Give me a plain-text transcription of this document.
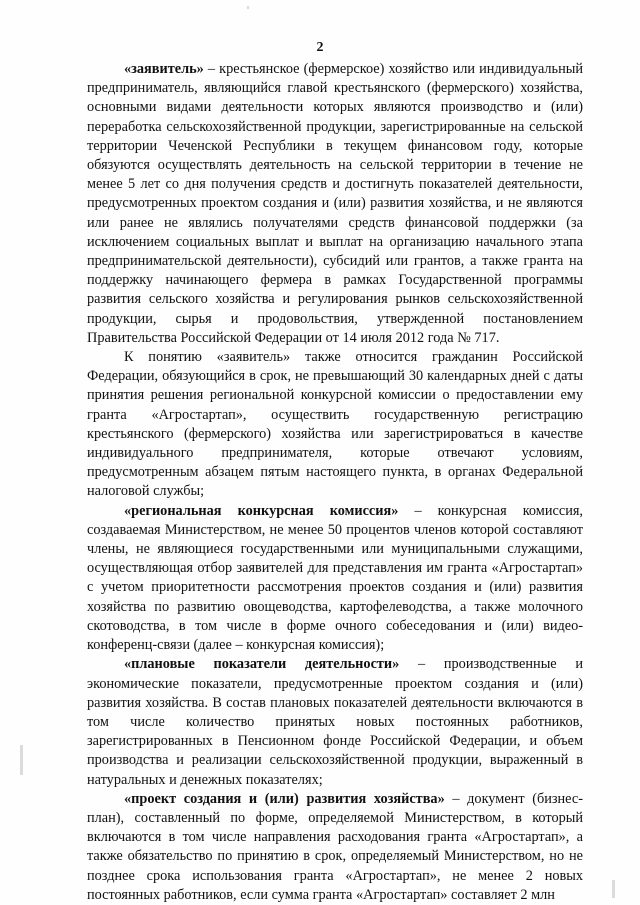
2

«заявитель» – крестьянское (фермерское) хозяйство или индивидуальный предприниматель, являющийся главой крестьянского (фермерского) хозяйства, основными видами деятельности которых являются производство и (или) переработка сельскохозяйственной продукции, зарегистрированные на сельской территории Чеченской Республики в текущем финансовом году, которые обязуются осуществлять деятельность на сельской территории в течение не менее 5 лет со дня получения средств и достигнуть показателей деятельности, предусмотренных проектом создания и (или) развития хозяйства, и не являются или ранее не являлись получателями средств финансовой поддержки (за исключением социальных выплат и выплат на организацию начального этапа предпринимательской деятельности), субсидий или грантов, а также гранта на поддержку начинающего фермера в рамках Государственной программы развития сельского хозяйства и регулирования рынков сельскохозяйственной продукции, сырья и продовольствия, утвержденной постановлением Правительства Российской Федерации от 14 июля 2012 года № 717.

К понятию «заявитель» также относится гражданин Российской Федерации, обязующийся в срок, не превышающий 30 календарных дней с даты принятия решения региональной конкурсной комиссии о предоставлении ему гранта «Агростартап», осуществить государственную регистрацию крестьянского (фермерского) хозяйства или зарегистрироваться в качестве индивидуального предпринимателя, которые отвечают условиям, предусмотренным абзацем пятым настоящего пункта, в органах Федеральной налоговой службы;

«региональная конкурсная комиссия» – конкурсная комиссия, создаваемая Министерством, не менее 50 процентов членов которой составляют члены, не являющиеся государственными или муниципальными служащими, осуществляющая отбор заявителей для представления им гранта «Агростартап» с учетом приоритетности рассмотрения проектов создания и (или) развития хозяйства по развитию овощеводства, картофелеводства, а также молочного скотоводства, в том числе в форме очного собеседования и (или) видео-конференц-связи (далее – конкурсная комиссия);

«плановые показатели деятельности» – производственные и экономические показатели, предусмотренные проектом создания и (или) развития хозяйства. В состав плановых показателей деятельности включаются в том числе количество принятых новых постоянных работников, зарегистрированных в Пенсионном фонде Российской Федерации, и объем производства и реализации сельскохозяйственной продукции, выраженный в натуральных и денежных показателях;

«проект создания и (или) развития хозяйства» – документ (бизнес-план), составленный по форме, определяемой Министерством, в который включаются в том числе направления расходования гранта «Агростартап», а также обязательство по принятию в срок, определяемый Министерством, но не позднее срока использования гранта «Агростартап», не менее 2 новых постоянных работников, если сумма гранта «Агростартап» составляет 2 млн
